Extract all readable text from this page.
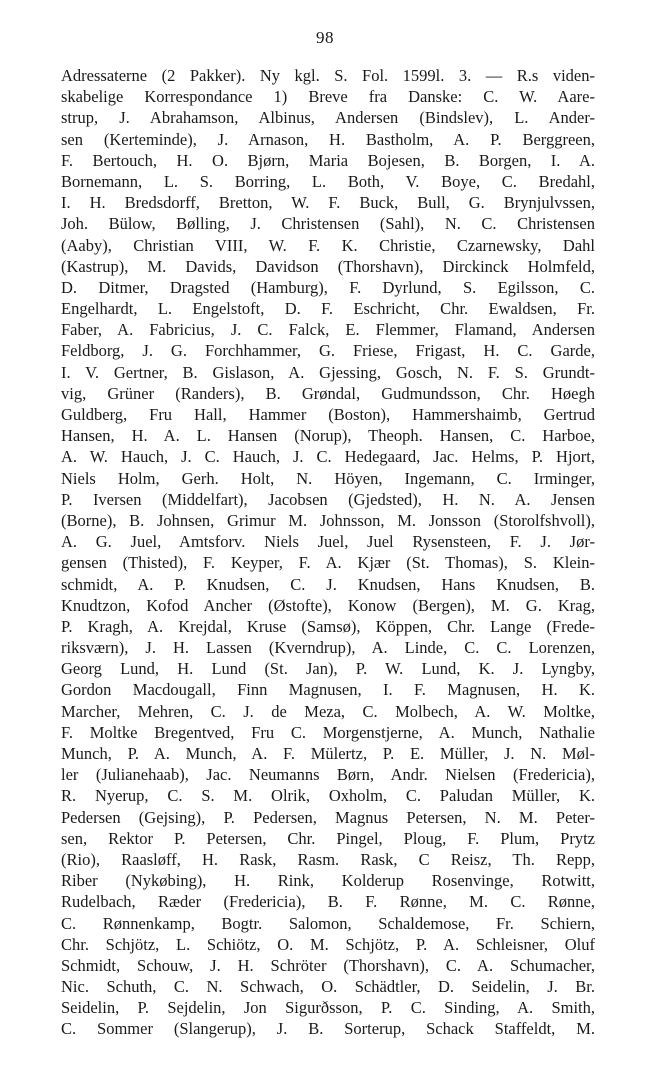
98
Adressaterne (2 Pakker). Ny kgl. S. Fol. 1599l. 3. — R.s viden-
skabelige Korrespondance 1) Breve fra Danske: C. W. Aare-
strup, J. Abrahamson, Albinus, Andersen (Bindslev), L. Ander-
sen (Kerteminde), J. Arnason, H. Bastholm, A. P. Berggreen,
F. Bertouch, H. O. Bjørn, Maria Bojesen, B. Borgen, I. A.
Bornemann, L. S. Borring, L. Both, V. Boye, C. Bredahl,
I. H. Bredsdorff, Bretton, W. F. Buck, Bull, G. Brynjulvssen,
Joh. Bülow, Bølling, J. Christensen (Sahl), N. C. Christensen
(Aaby), Christian VIII, W. F. K. Christie, Czarnewsky, Dahl
(Kastrup), M. Davids, Davidson (Thorshavn), Dirckinck Holmfeld,
D. Ditmer, Dragsted (Hamburg), F. Dyrlund, S. Egilsson, C.
Engelhardt, L. Engelstoft, D. F. Eschricht, Chr. Ewaldsen, Fr.
Faber, A. Fabricius, J. C. Falck, E. Flemmer, Flamand, Andersen
Feldborg, J. G. Forchhammer, G. Friese, Frigast, H. C. Garde,
I. V. Gertner, B. Gislason, A. Gjessing, Gosch, N. F. S. Grundt-
vig, Grüner (Randers), B. Grøndal, Gudmundsson, Chr. Høegh
Guldberg, Fru Hall, Hammer (Boston), Hammershaimb, Gertrud
Hansen, H. A. L. Hansen (Norup), Theoph. Hansen, C. Harboe,
A. W. Hauch, J. C. Hauch, J. C. Hedegaard, Jac. Helms, P. Hjort,
Niels Holm, Gerh. Holt, N. Höyen, Ingemann, C. Irminger,
P. Iversen (Middelfart), Jacobsen (Gjedsted), H. N. A. Jensen
(Borne), B. Johnsen, Grimur M. Johnsson, M. Jonsson (Storolfshvoll),
A. G. Juel, Amtsforv. Niels Juel, Juel Rysensteen, F. J. Jør-
gensen (Thisted), F. Keyper, F. A. Kjær (St. Thomas), S. Klein-
schmidt, A. P. Knudsen, C. J. Knudsen, Hans Knudsen, B.
Knudtzon, Kofod Ancher (Østofte), Konow (Bergen), M. G. Krag,
P. Kragh, A. Krejdal, Kruse (Samsø), Köppen, Chr. Lange (Frede-
riksværn), J. H. Lassen (Kverndrup), A. Linde, C. C. Lorenzen,
Georg Lund, H. Lund (St. Jan), P. W. Lund, K. J. Lyngby,
Gordon Macdougall, Finn Magnusen, I. F. Magnusen, H. K.
Marcher, Mehren, C. J. de Meza, C. Molbech, A. W. Moltke,
F. Moltke Bregentved, Fru C. Morgenstjerne, A. Munch, Nathalie
Munch, P. A. Munch, A. F. Mülertz, P. E. Müller, J. N. Møl-
ler (Julianehaab), Jac. Neumanns Børn, Andr. Nielsen (Fredericia),
R. Nyerup, C. S. M. Olrik, Oxholm, C. Paludan Müller, K.
Pedersen (Gejsing), P. Pedersen, Magnus Petersen, N. M. Peter-
sen, Rektor P. Petersen, Chr. Pingel, Ploug, F. Plum, Prytz
(Rio), Raasløff, H. Rask, Rasm. Rask, C Reisz, Th. Repp,
Riber (Nykøbing), H. Rink, Kolderup Rosenvinge, Rotwitt,
Rudelbach, Ræder (Fredericia), B. F. Rønne, M. C. Rønne,
C. Rønnenkamp, Bogtr. Salomon, Schaldemose, Fr. Schiern,
Chr. Schjötz, L. Schiötz, O. M. Schjötz, P. A. Schleisner, Oluf
Schmidt, Schouw, J. H. Schröter (Thorshavn), C. A. Schumacher,
Nic. Schuth, C. N. Schwach, O. Schädtler, D. Seidelin, J. Br.
Seidelin, P. Sejdelin, Jon Sigurðsson, P. C. Sinding, A. Smith,
C. Sommer (Slangerup), J. B. Sorterup, Schack Staffeldt, M.
